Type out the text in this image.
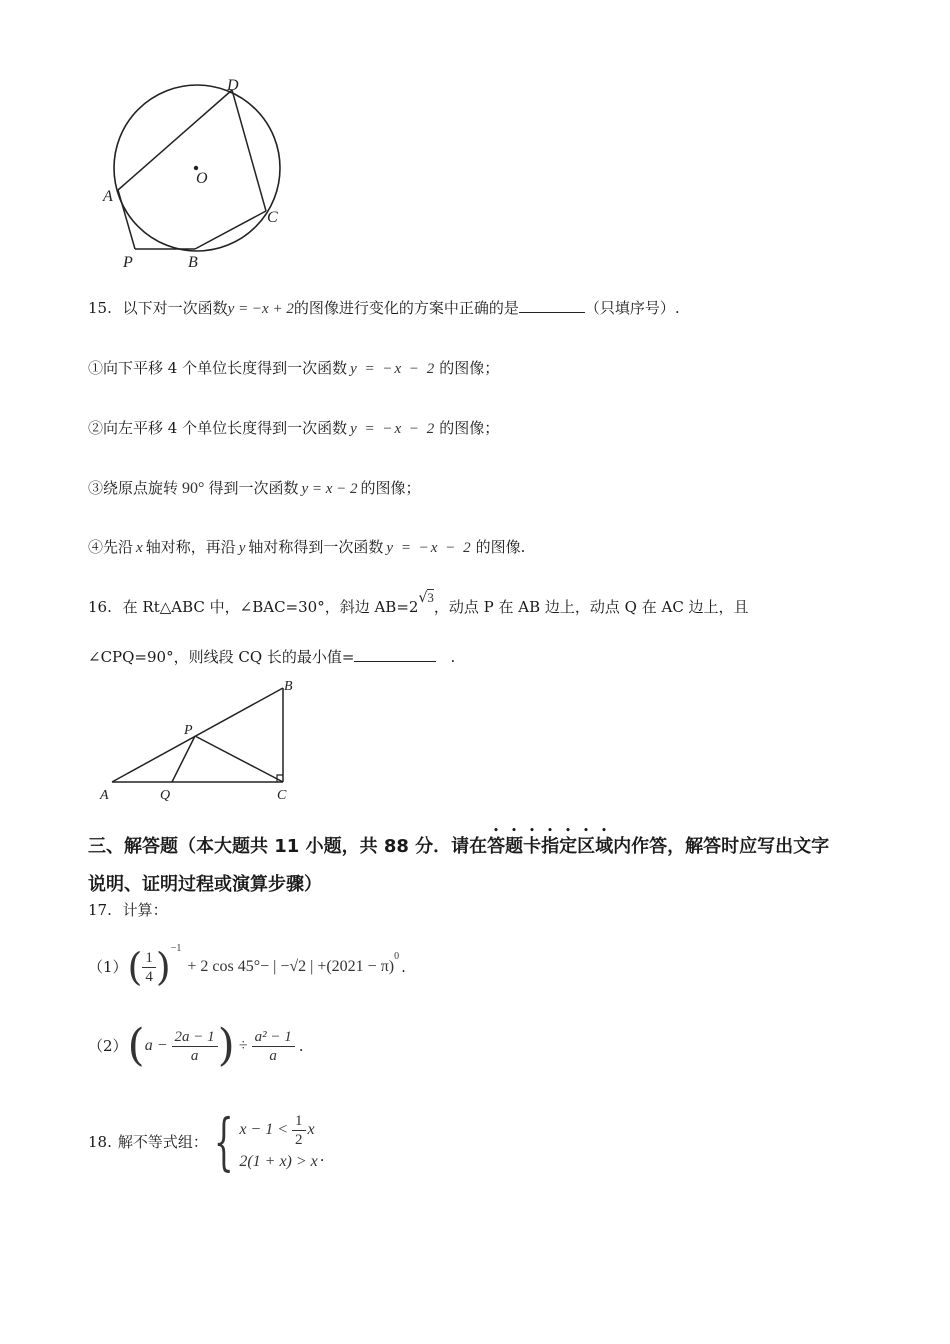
D
O
A
C
P	B
15. 以下对一次函数y = −x + 2的图像进行变化的方案中正确的是	（只填序号）.
①向下平移 4 个单位长度得到一次函数 y = −x − 2 的图像；
②向左平移 4 个单位长度得到一次函数 y = −x − 2 的图像；
③绕原点旋转 90° 得到一次函数 y = x − 2 的图像；
④先沿 x 轴对称，再沿 y 轴对称得到一次函数 y = −x − 2 的图像.
16. 在 Rt△ABC 中，∠BAC=30°，斜边 AB=2√3，动点 P 在 AB 边上，动点 Q 在 AC 边上，且
∠CPQ=90°，则线段 CQ 长的最小值=	.
B
P
A	Q	C
三、解答题（本大题共 11 小题，共 88 分．请在答题卡指定区域内作答，解答时应写出文字
说明、证明过程或演算步骤）
17. 计算：
（1） ( $\frac{1}{4}$ ) −1
+ 2 cos 45°− | −√2 | +(2021 − π)
0
.
（2） ( $a - \frac{2a - 1}{a}$ ) ÷ $\frac{\text{a² − 1}}{a}$ .
18. 解不等式组： { $x - 1 < \frac{1}{2}$ x
2(1 + x) > x .
